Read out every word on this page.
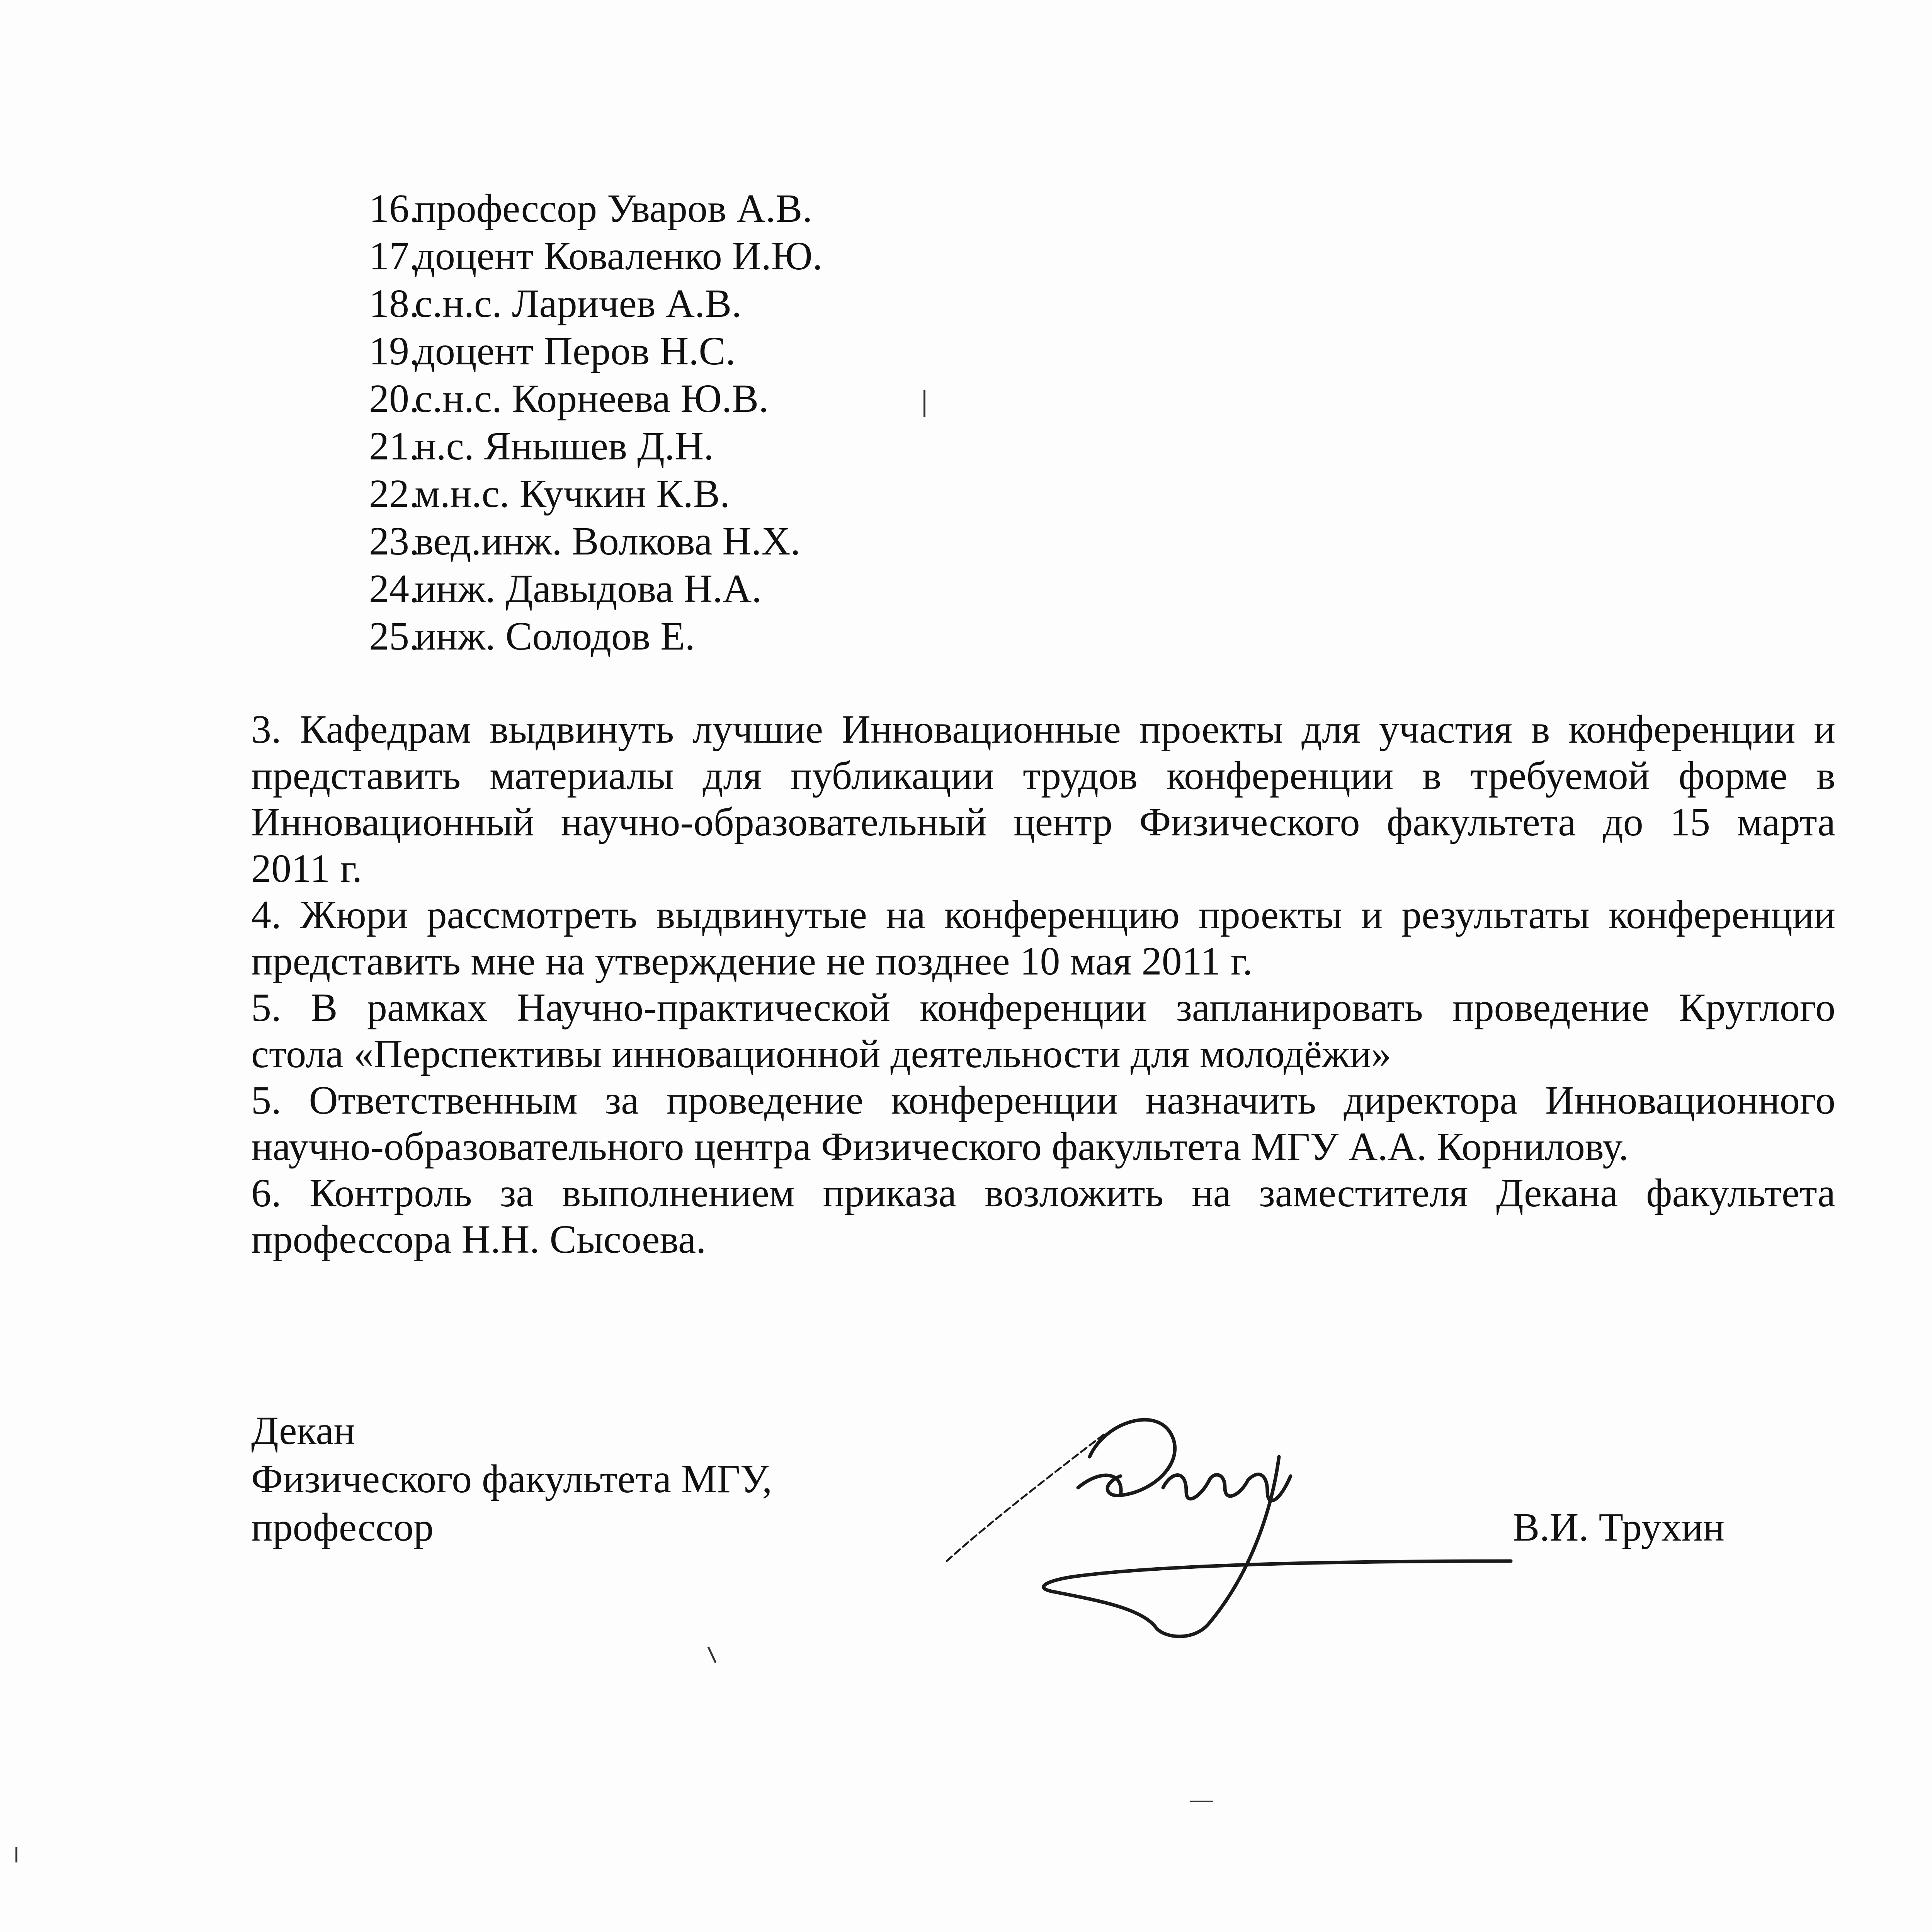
16.профессор Уваров А.В.
17.доцент Коваленко И.Ю.
18.с.н.с. Ларичев А.В.
19.доцент Перов Н.С.
20.с.н.с. Корнеева Ю.В.
21.н.с. Янышев Д.Н.
22.м.н.с. Кучкин К.В.
23.вед.инж. Волкова Н.Х.
24.инж. Давыдова Н.А.
25.инж. Солодов Е.

3. Кафедрам выдвинуть лучшие Инновационные проекты для участия в конференции и
представить материалы для публикации трудов конференции в требуемой форме в
Инновационный научно-образовательный центр Физического факультета до 15 марта
2011 г.

4. Жюри рассмотреть выдвинутые на конференцию проекты и результаты конференции
представить мне на утверждение не позднее 10 мая 2011 г.

5. В рамках Научно-практической конференции запланировать проведение Круглого
стола «Перспективы инновационной деятельности для молодёжи»

5. Ответственным за проведение конференции назначить директора Инновационного
научно-образовательного центра Физического факультета МГУ А.А. Корнилову.

6. Контроль за выполнением приказа возложить на заместителя Декана факультета
профессора Н.Н. Сысоева.

Декан
Физического факультета МГУ,
профессор	В.И. Трухин
